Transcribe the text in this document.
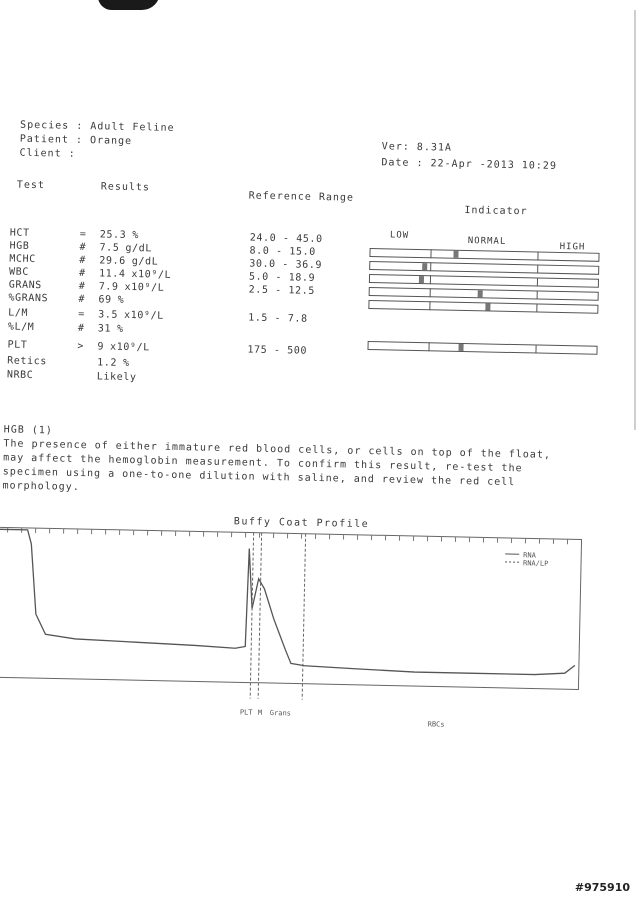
Species : Adult Feline
Patient : Orange
Client :
Ver: 8.31A
Date : 22-Apr -2013 10:29
Test	Results
Reference Range
Indicator
LOW
NORMAL
HIGH
HCT	= 25.3 %	24.0 - 45.0
HGB	# 7.5 g/dL	8.0 - 15.0
MCHC	# 29.6 g/dL	30.0 - 36.9
WBC	# 11.4 x10⁹/L	5.0 - 18.9
GRANS	# 7.9 x10⁹/L	2.5 - 12.5
%GRANS	# 69 %
L/M	= 3.5 x10⁹/L	1.5 - 7.8
%L/M	# 31 %
PLT	> 9 x10⁹/L	175 - 500
Retics	1.2 %
NRBC	Likely
HGB (1)
The presence of either immature red blood cells, or cells on top of the float, may affect the hemoglobin measurement. To confirm this result, re-test the specimen using a one-to-one dilution with saline, and review the red cell morphology.
Buffy Coat Profile
RNA
RNA/LP
PLT M Grans
RBCs
#975910
